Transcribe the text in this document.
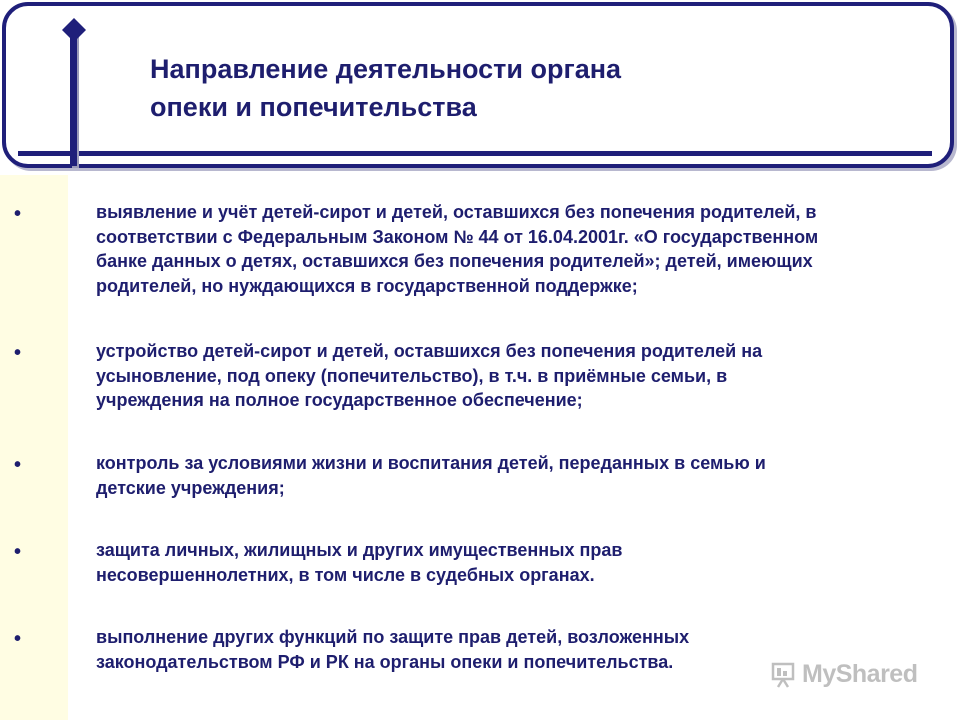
Направление деятельности органа
опеки и попечительства
•	выявление и учёт детей-сирот и детей, оставшихся без попечения родителей, в
соответствии с Федеральным Законом № 44 от 16.04.2001г. «О государственном
банке данных о детях, оставшихся без попечения родителей»; детей, имеющих
родителей, но нуждающихся в государственной поддержке;

•	устройство детей-сирот и детей, оставшихся без попечения родителей на
усыновление, под опеку (попечительство), в т.ч. в приёмные семьи, в
учреждения на полное государственное обеспечение;

•	контроль за условиями жизни и воспитания детей, переданных в семью и
детские учреждения;

•	защита личных, жилищных и других имущественных прав
несовершеннолетних, в том числе в судебных органах.

•	выполнение других функций по защите прав детей, возложенных
законодательством РФ и РК на органы опеки и попечительства.	MyShared
